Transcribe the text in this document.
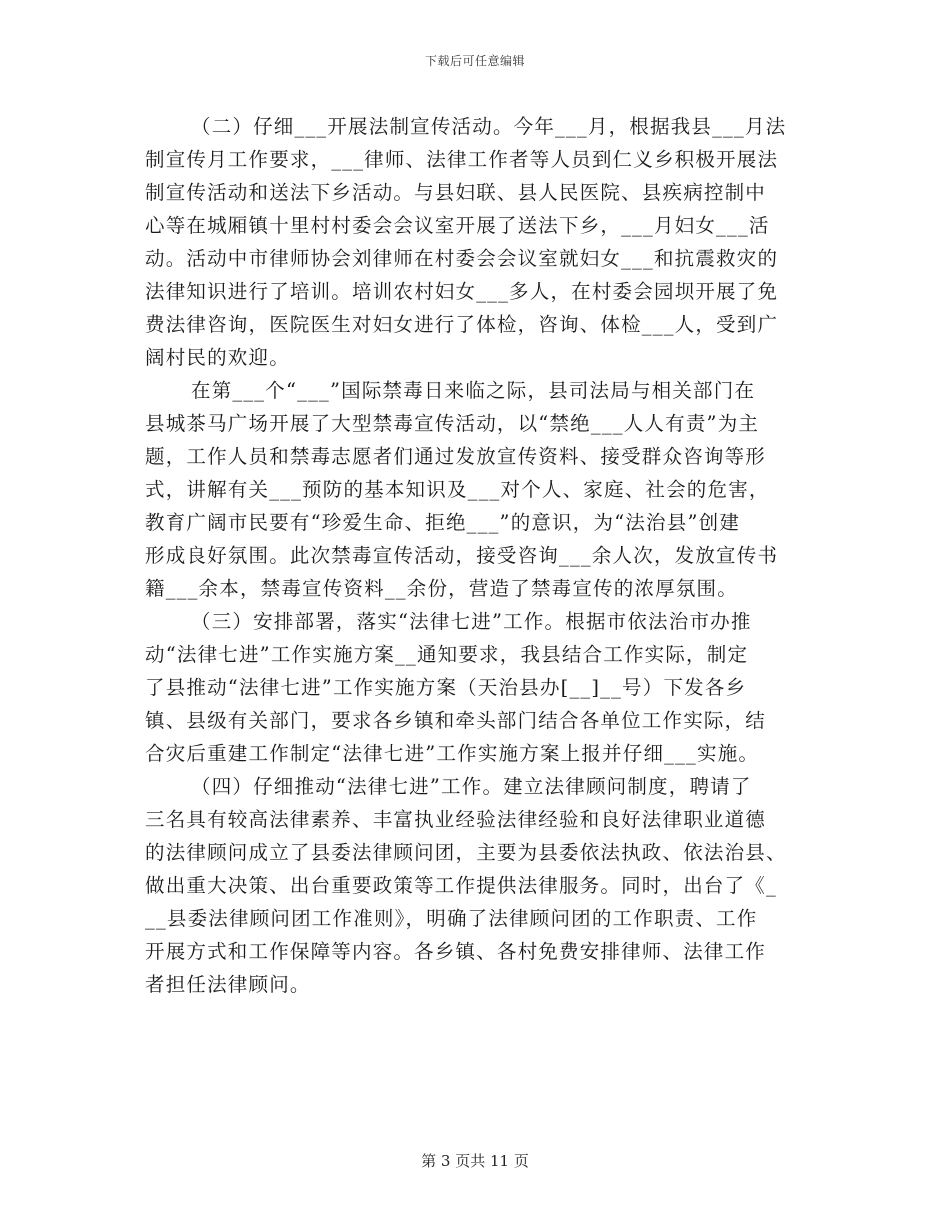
下载后可任意编辑
（二）仔细___开展法制宣传活动。今年___月，根据我县___月法
制宣传月工作要求，___律师、法律工作者等人员到仁义乡积极开展法
制宣传活动和送法下乡活动。与县妇联、县人民医院、县疾病控制中
心等在城厢镇十里村村委会会议室开展了送法下乡，___月妇女___活
动。活动中市律师协会刘律师在村委会会议室就妇女___和抗震救灾的
法律知识进行了培训。培训农村妇女___多人，在村委会园坝开展了免
费法律咨询，医院医生对妇女进行了体检，咨询、体检___人，受到广
阔村民的欢迎。
在第___个“___”国际禁毒日来临之际，县司法局与相关部门在
县城茶马广场开展了大型禁毒宣传活动，以“禁绝___人人有责”为主
题，工作人员和禁毒志愿者们通过发放宣传资料、接受群众咨询等形
式，讲解有关___预防的基本知识及___对个人、家庭、社会的危害，
教育广阔市民要有“珍爱生命、拒绝___”的意识，为“法治县”创建
形成良好氛围。此次禁毒宣传活动，接受咨询___余人次，发放宣传书
籍___余本，禁毒宣传资料__余份，营造了禁毒宣传的浓厚氛围。
（三）安排部署，落实“法律七进”工作。根据市依法治市办推
动“法律七进”工作实施方案__通知要求，我县结合工作实际，制定
了县推动“法律七进”工作实施方案（天治县办[__]__号）下发各乡
镇、县级有关部门，要求各乡镇和牵头部门结合各单位工作实际，结
合灾后重建工作制定“法律七进”工作实施方案上报并仔细___实施。
（四）仔细推动“法律七进”工作。建立法律顾问制度，聘请了
三名具有较高法律素养、丰富执业经验法律经验和良好法律职业道德
的法律顾问成立了县委法律顾问团，主要为县委依法执政、依法治县、
做出重大决策、出台重要政策等工作提供法律服务。同时，出台了《_
__县委法律顾问团工作准则》，明确了法律顾问团的工作职责、工作
开展方式和工作保障等内容。各乡镇、各村免费安排律师、法律工作
者担任法律顾问。
第 3 页共 11 页
